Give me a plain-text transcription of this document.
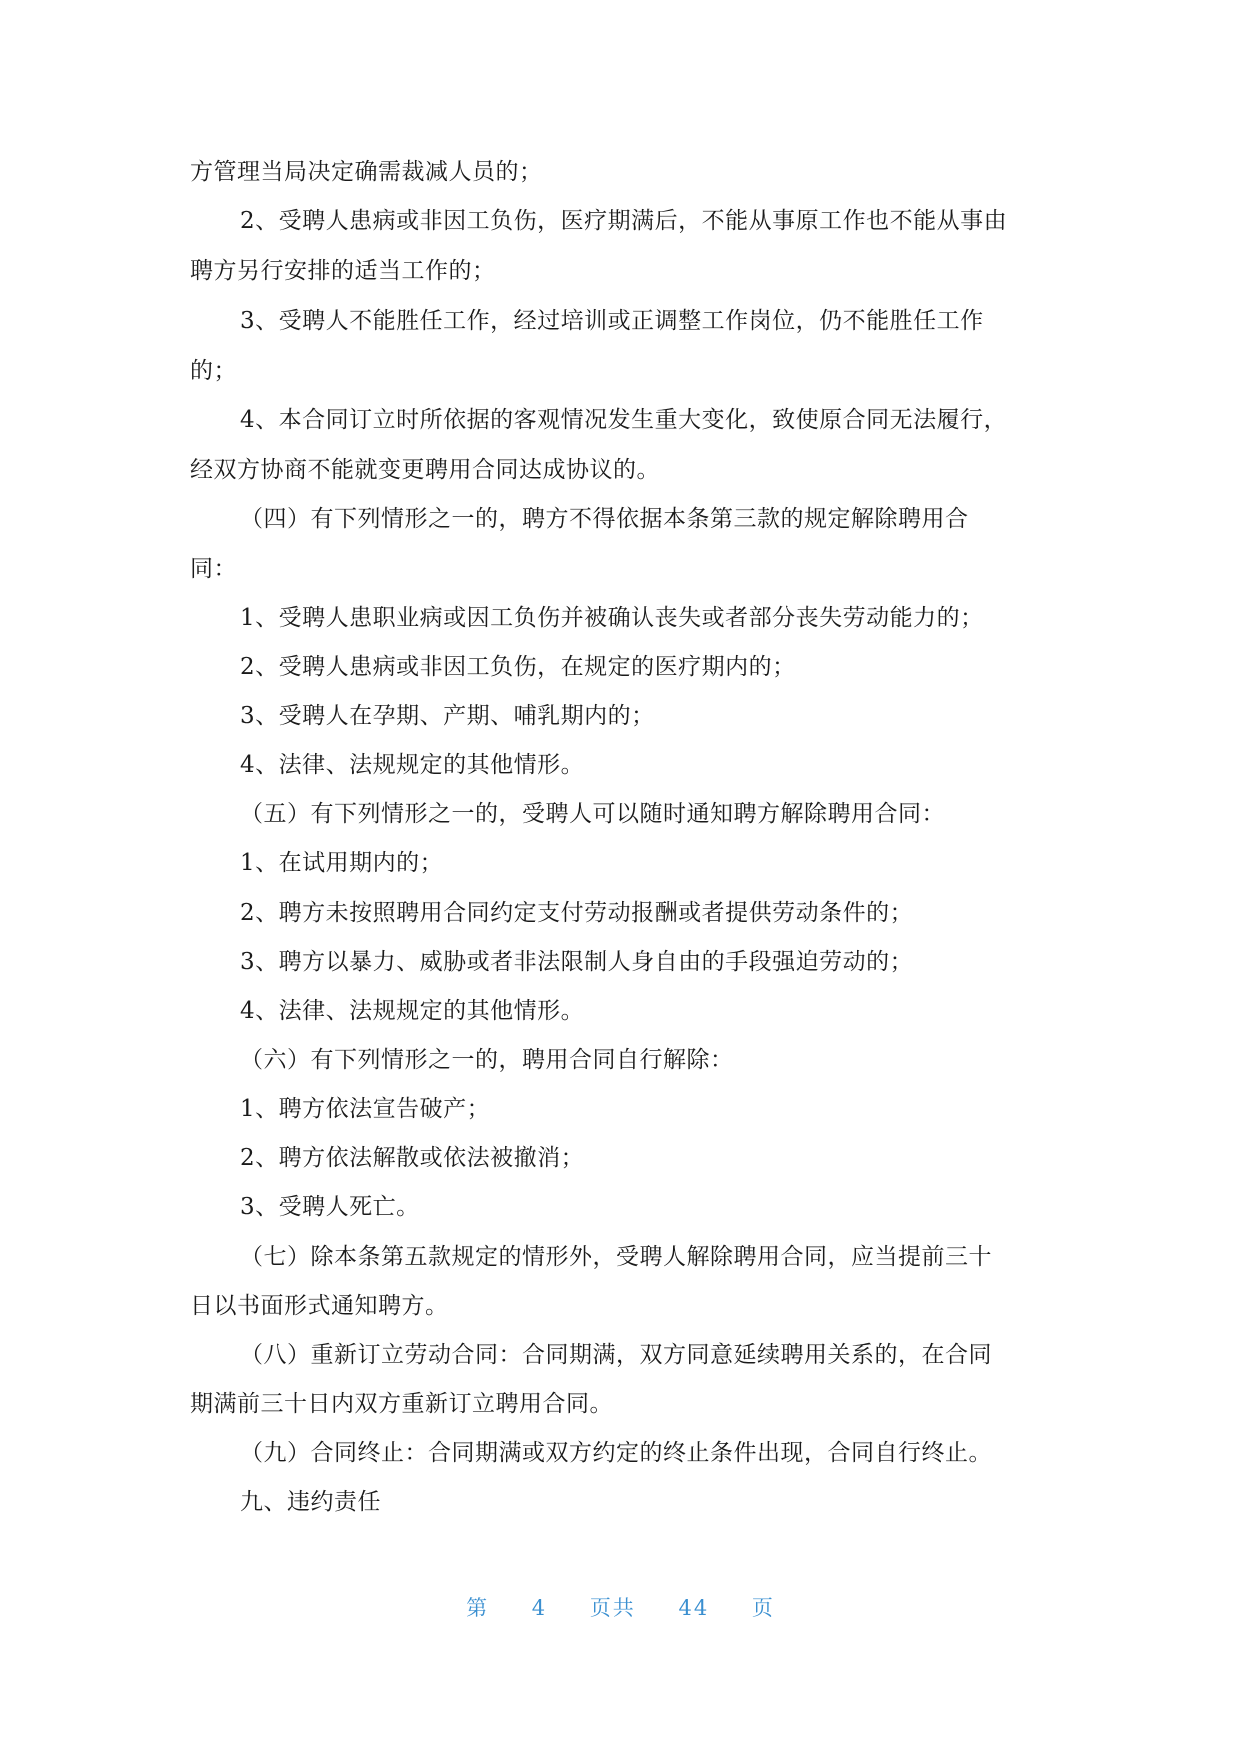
方管理当局决定确需裁减人员的；
2、受聘人患病或非因工负伤，医疗期满后，不能从事原工作也不能从事由
聘方另行安排的适当工作的；
3、受聘人不能胜任工作，经过培训或正调整工作岗位，仍不能胜任工作
的；
4、本合同订立时所依据的客观情况发生重大变化，致使原合同无法履行，
经双方协商不能就变更聘用合同达成协议的。
（四）有下列情形之一的，聘方不得依据本条第三款的规定解除聘用合
同：
1、受聘人患职业病或因工负伤并被确认丧失或者部分丧失劳动能力的；
2、受聘人患病或非因工负伤，在规定的医疗期内的；
3、受聘人在孕期、产期、哺乳期内的；
4、法律、法规规定的其他情形。
（五）有下列情形之一的，受聘人可以随时通知聘方解除聘用合同：
1、在试用期内的；
2、聘方未按照聘用合同约定支付劳动报酬或者提供劳动条件的；
3、聘方以暴力、威胁或者非法限制人身自由的手段强迫劳动的；
4、法律、法规规定的其他情形。
（六）有下列情形之一的，聘用合同自行解除：
1、聘方依法宣告破产；
2、聘方依法解散或依法被撤消；
3、受聘人死亡。
（七）除本条第五款规定的情形外，受聘人解除聘用合同，应当提前三十
日以书面形式通知聘方。
（八）重新订立劳动合同：合同期满，双方同意延续聘用关系的，在合同
期满前三十日内双方重新订立聘用合同。
（九）合同终止：合同期满或双方约定的终止条件出现，合同自行终止。
九、违约责任
第 4 页共 44 页
